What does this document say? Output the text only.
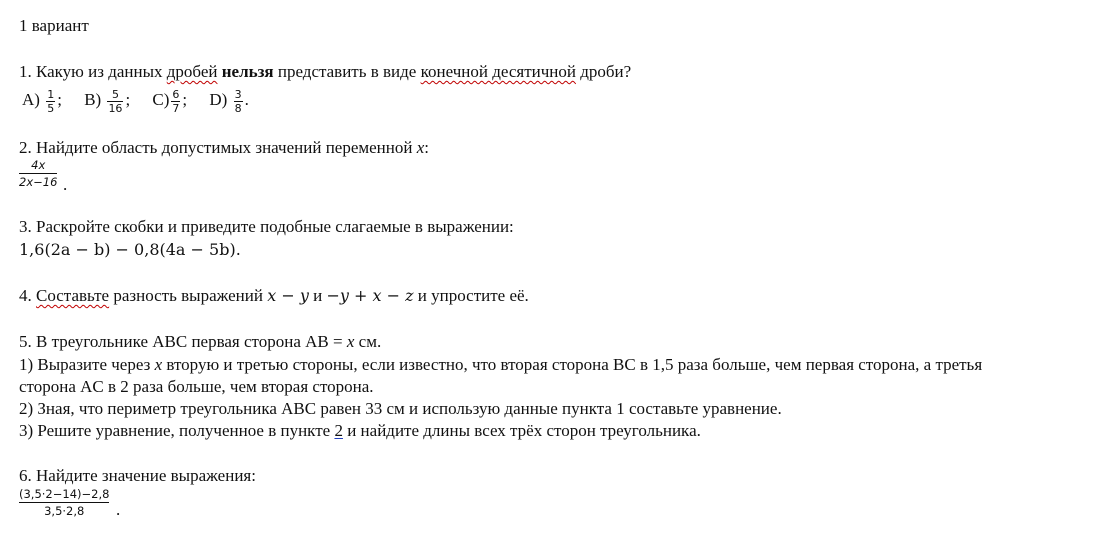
1 вариант
1. Какую из данных дробей нельзя представить в виде конечной десятичной дроби?
$A) \frac{1}{5}$ ; $B) \frac{5}{16}$ ; $C) \frac{6}{7}$ ; $D) \frac{3}{8}$ .
2. Найдите область допустимых значений переменной x:
4x
2x−16 .
3. Раскройте скобки и приведите подобные слагаемые в выражении:
1,6(2a − b) − 0,8(4a − 5b).
4. Составьте разность выражений x − y и −y + x − z и упростите её.
5. В треугольнике ABC первая сторона AB = x см.
1) Выразите через x вторую и третью стороны, если известно, что вторая сторона BC в 1,5 раза больше, чем первая сторона, а третья
сторона AC в 2 раза больше, чем вторая сторона.
2) Зная, что периметр треугольника ABC равен 33 см и использую данные пункта 1 составьте уравнение.
3) Решите уравнение, полученное в пункте 2 и найдите длины всех трёх сторон треугольника.
6. Найдите значение выражения:
(3,5·2−14)−2,8
3,5·2,8 .
